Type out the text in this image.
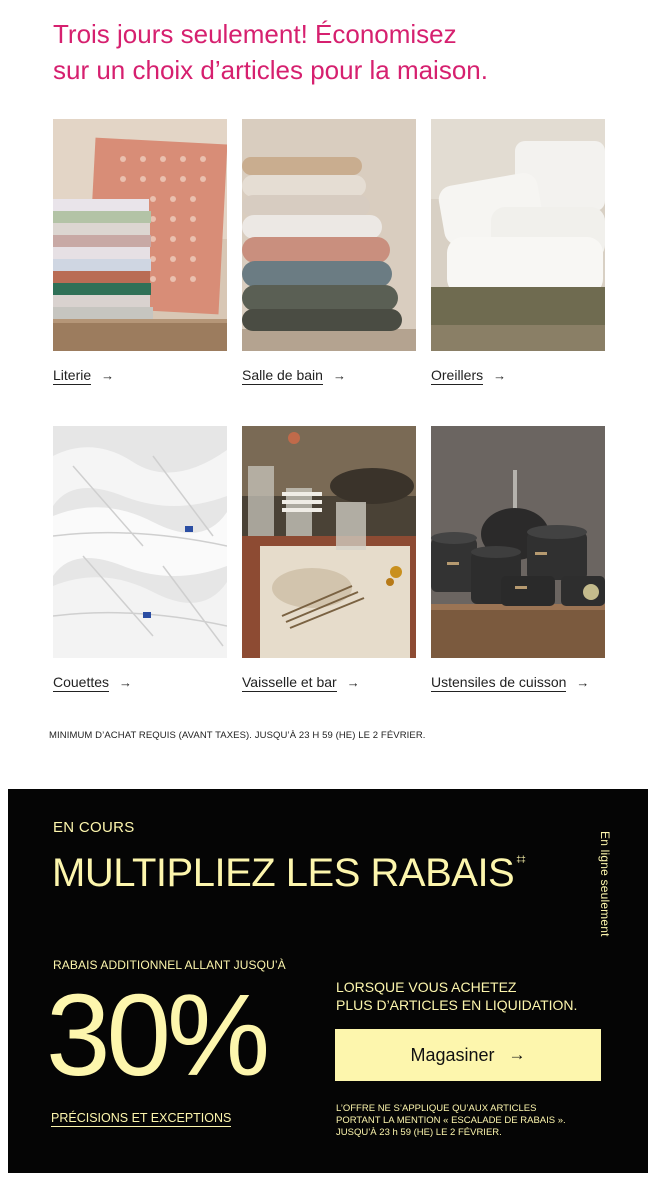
Trois jours seulement! Économisez
sur un choix d’articles pour la maison.
Literie →	Salle de bain →	Oreillers →
Couettes →	Vaisselle et bar →	Ustensiles de cuisson →

MINIMUM D’ACHAT REQUIS (AVANT TAXES). JUSQU’À 23 H 59 (HE) LE 2 FÉVRIER.

EN COURS
MULTIPLIEZ LES RABAIS ‡‡	En ligne seulement
RABAIS ADDITIONNEL ALLANT JUSQU’À
30%	LORSQUE VOUS ACHETEZ
PLUS D’ARTICLES EN LIQUIDATION.
Magasiner →
PRÉCISIONS ET EXCEPTIONS
L’OFFRE NE S’APPLIQUE QU’AUX ARTICLES
PORTANT LA MENTION « ESCALADE DE RABAIS ».
JUSQU’À 23 h 59 (HE) LE 2 FÉVRIER.
